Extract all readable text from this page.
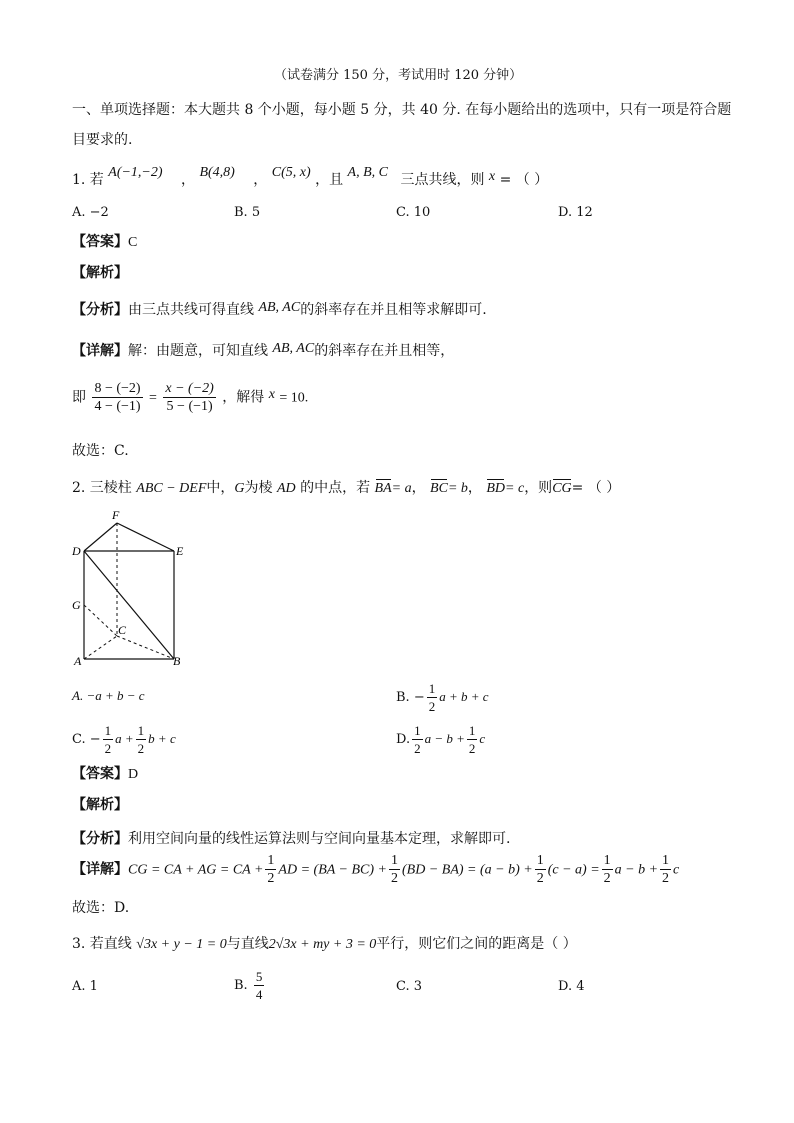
（试卷满分 150 分，考试用时 120 分钟）
一、单项选择题：本大题共 8 个小题，每小题 5 分，共 40 分. 在每小题给出的选项中，只有一项是符合题
目要求的.
1. 若 A(−1,−2) ， B(4,8) ， C(5, x) ，且 A, B, C 三点共线，则 x = （ ）
A. −2	B. 5	C. 10	D. 12
【答案】C
【解析】
【分析】由三点共线可得直线 AB, AC的斜率存在并且相等求解即可.
【详解】解：由题意，可知直线 AB, AC的斜率存在并且相等，
即 $\frac{8 - (-2)}{4 - (-1)} = \frac{x - (-2)}{5 - (-1)}$ ，解得 x = 10.
故选：C.
2. 三棱柱 ABC − DEF中，G为棱 AD 的中点，若 BA= a， BC= b， BD= c，则CG= （ ）
F
D	E
G
C
A	B
A. −a + b − c	B. − $\frac{1}{2}$ a + b + c
C. − $\frac{1}{2}$ $a + \frac{1}{2}$ b + c	D. $\frac{1}{2}$ $a - b + \frac{1}{2}$ c
【答案】D
【解析】
【分析】利用空间向量的线性运算法则与空间向量基本定理，求解即可.
【详解】CG = CA + AG = CA + $\frac{1}{2}$ AD = $(BA - BC) + \frac{1}{2} (BD - BA) = (a - b) + \frac{1}{2} (c - a) = \frac{1}{2}$ $a - b + \frac{1}{2}$ c
故选：D.
3. 若直线 √3x + y − 1 = 0与直线2√3x + my + 3 = 0平行，则它们之间的距离是（ ）
A. 1	B. $\frac{5}{4}$	C. 3	D. 4
